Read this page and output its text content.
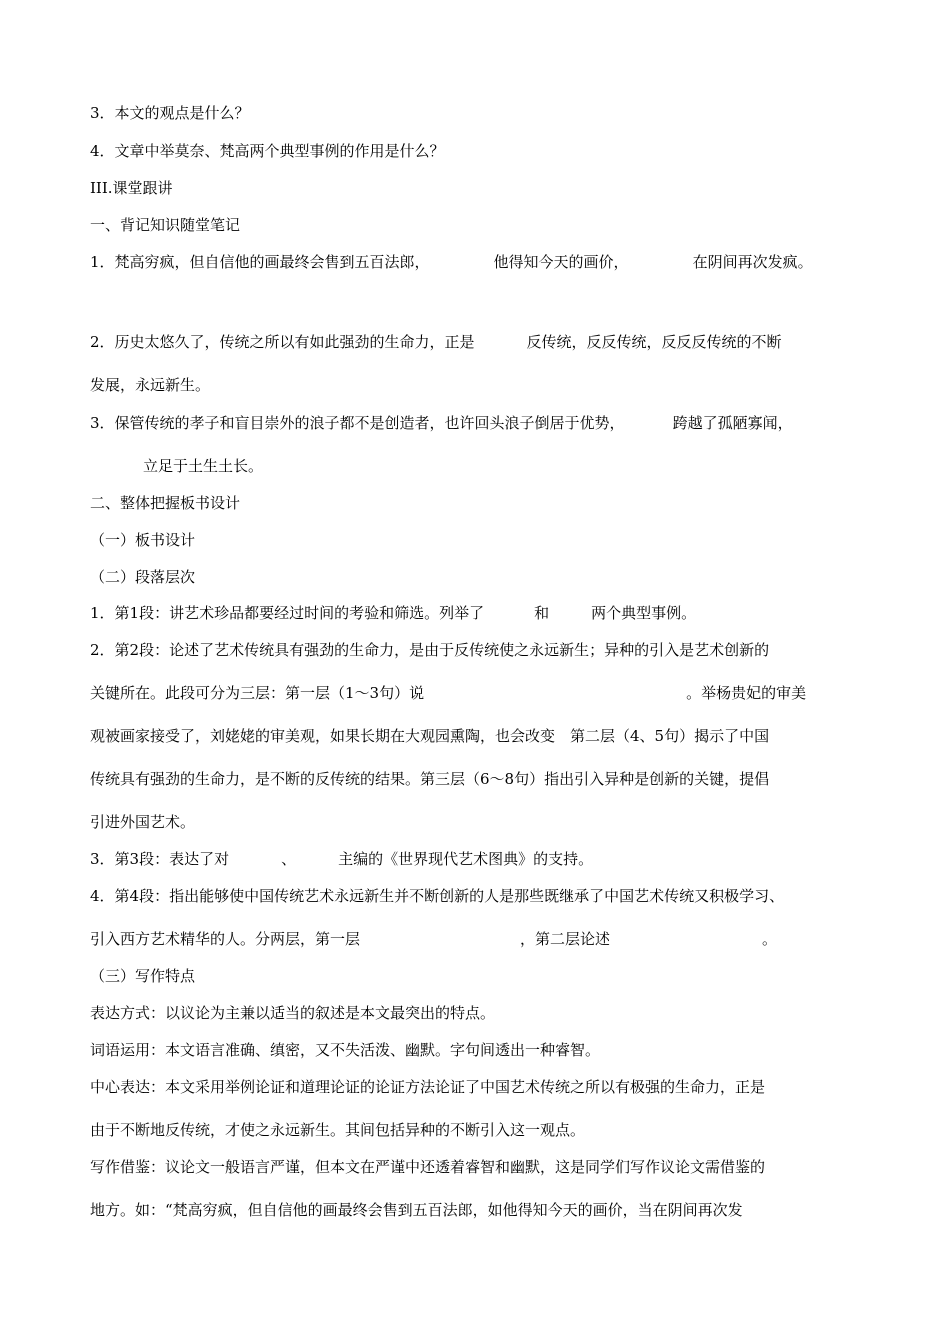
3．本文的观点是什么？

4．文章中举莫奈、梵高两个典型事例的作用是什么？

III.课堂跟讲

一、背记知识随堂笔记

1．梵高穷疯，但自信他的画最终会售到五百法郎，	他得知今天的画价，	在阴间再次发疯。

2．历史太悠久了，传统之所以有如此强劲的生命力，正是	反传统，反反传统，反反反传统的不断

发展，永远新生。

3．保管传统的孝子和盲目崇外的浪子都不是创造者，也许回头浪子倒居于优势，	跨越了孤陋寡闻，

立足于土生土长。

二、整体把握板书设计

（一）板书设计

（二）段落层次

1．第1段：讲艺术珍品都要经过时间的考验和筛选。列举了	和	两个典型事例。

2．第2段：论述了艺术传统具有强劲的生命力，是由于反传统使之永远新生；异种的引入是艺术创新的

关键所在。此段可分为三层：第一层（1～3句）说	。举杨贵妃的审美

观被画家接受了，刘姥姥的审美观，如果长期在大观园熏陶，也会改变　第二层（4、5句）揭示了中国

传统具有强劲的生命力，是不断的反传统的结果。第三层（6～8句）指出引入异种是创新的关键，提倡

引进外国艺术。

3．第3段：表达了对	、	主编的《世界现代艺术图典》的支持。

4．第4段：指出能够使中国传统艺术永远新生并不断创新的人是那些既继承了中国艺术传统又积极学习、

引入西方艺术精华的人。分两层，第一层	，第二层论述	。

（三）写作特点

表达方式：以议论为主兼以适当的叙述是本文最突出的特点。

词语运用：本文语言准确、缜密，又不失活泼、幽默。字句间透出一种睿智。

中心表达：本文采用举例论证和道理论证的论证方法论证了中国艺术传统之所以有极强的生命力，正是

由于不断地反传统，才使之永远新生。其间包括异种的不断引入这一观点。

写作借鉴：议论文一般语言严谨，但本文在严谨中还透着睿智和幽默，这是同学们写作议论文需借鉴的

地方。如：“梵高穷疯，但自信他的画最终会售到五百法郎，如他得知今天的画价，当在阴间再次发
